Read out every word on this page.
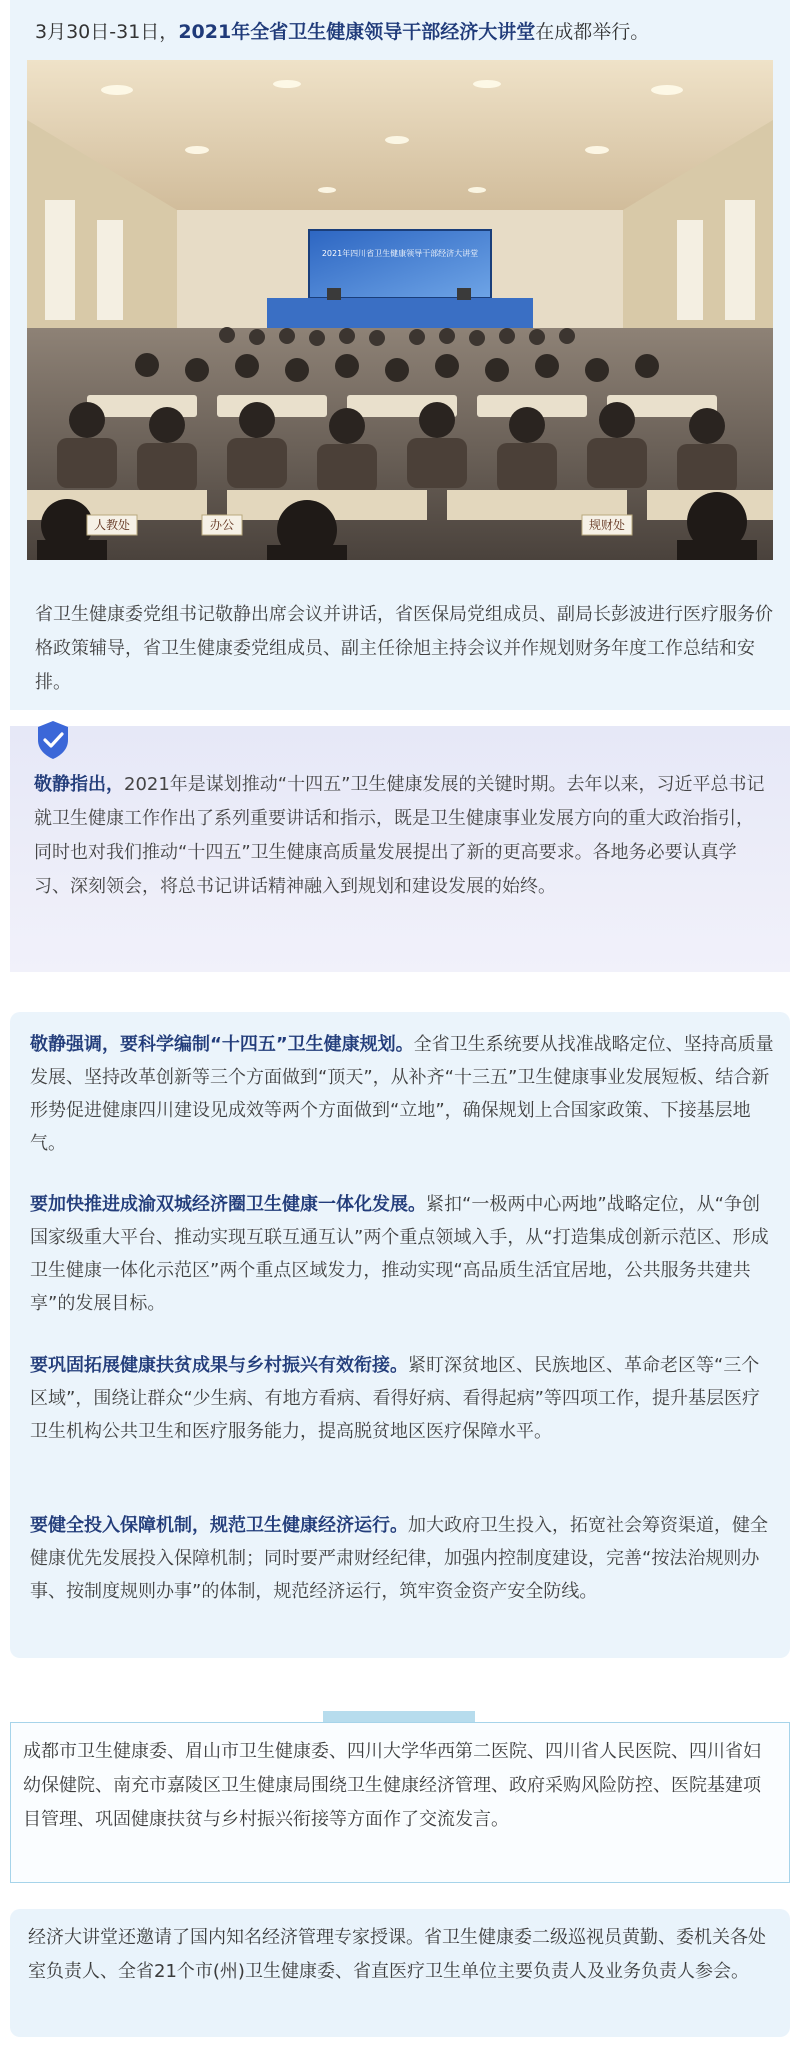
3月30日-31日，2021年全省卫生健康领导干部经济大讲堂在成都举行。

2021年四川省卫生健康领导干部经济大讲堂
人教处	办公	规财处

省卫生健康委党组书记敬静出席会议并讲话，省医保局党组成员、副局长彭波进行医疗服务价格政策辅导，省卫生健康委党组成员、副主任徐旭主持会议并作规划财务年度工作总结和安排。

敬静指出，2021年是谋划推动“十四五”卫生健康发展的关键时期。去年以来，习近平总书记就卫生健康工作作出了系列重要讲话和指示，既是卫生健康事业发展方向的重大政治指引，同时也对我们推动“十四五”卫生健康高质量发展提出了新的更高要求。各地务必要认真学习、深刻领会，将总书记讲话精神融入到规划和建设发展的始终。

敬静强调，要科学编制“十四五”卫生健康规划。全省卫生系统要从找准战略定位、坚持高质量发展、坚持改革创新等三个方面做到“顶天”，从补齐“十三五”卫生健康事业发展短板、结合新形势促进健康四川建设见成效等两个方面做到“立地”，确保规划上合国家政策、下接基层地气。

要加快推进成渝双城经济圈卫生健康一体化发展。紧扣“一极两中心两地”战略定位，从“争创国家级重大平台、推动实现互联互通互认”两个重点领域入手，从“打造集成创新示范区、形成卫生健康一体化示范区”两个重点区域发力，推动实现“高品质生活宜居地，公共服务共建共享”的发展目标。

要巩固拓展健康扶贫成果与乡村振兴有效衔接。紧盯深贫地区、民族地区、革命老区等“三个区域”，围绕让群众“少生病、有地方看病、看得好病、看得起病”等四项工作，提升基层医疗卫生机构公共卫生和医疗服务能力，提高脱贫地区医疗保障水平。

要健全投入保障机制，规范卫生健康经济运行。加大政府卫生投入，拓宽社会筹资渠道，健全健康优先发展投入保障机制；同时要严肃财经纪律，加强内控制度建设，完善“按法治规则办事、按制度规则办事”的体制，规范经济运行，筑牢资金资产安全防线。

成都市卫生健康委、眉山市卫生健康委、四川大学华西第二医院、四川省人民医院、四川省妇幼保健院、南充市嘉陵区卫生健康局围绕卫生健康经济管理、政府采购风险防控、医院基建项目管理、巩固健康扶贫与乡村振兴衔接等方面作了交流发言。

经济大讲堂还邀请了国内知名经济管理专家授课。省卫生健康委二级巡视员黄勤、委机关各处室负责人、全省21个市(州)卫生健康委、省直医疗卫生单位主要负责人及业务负责人参会。
